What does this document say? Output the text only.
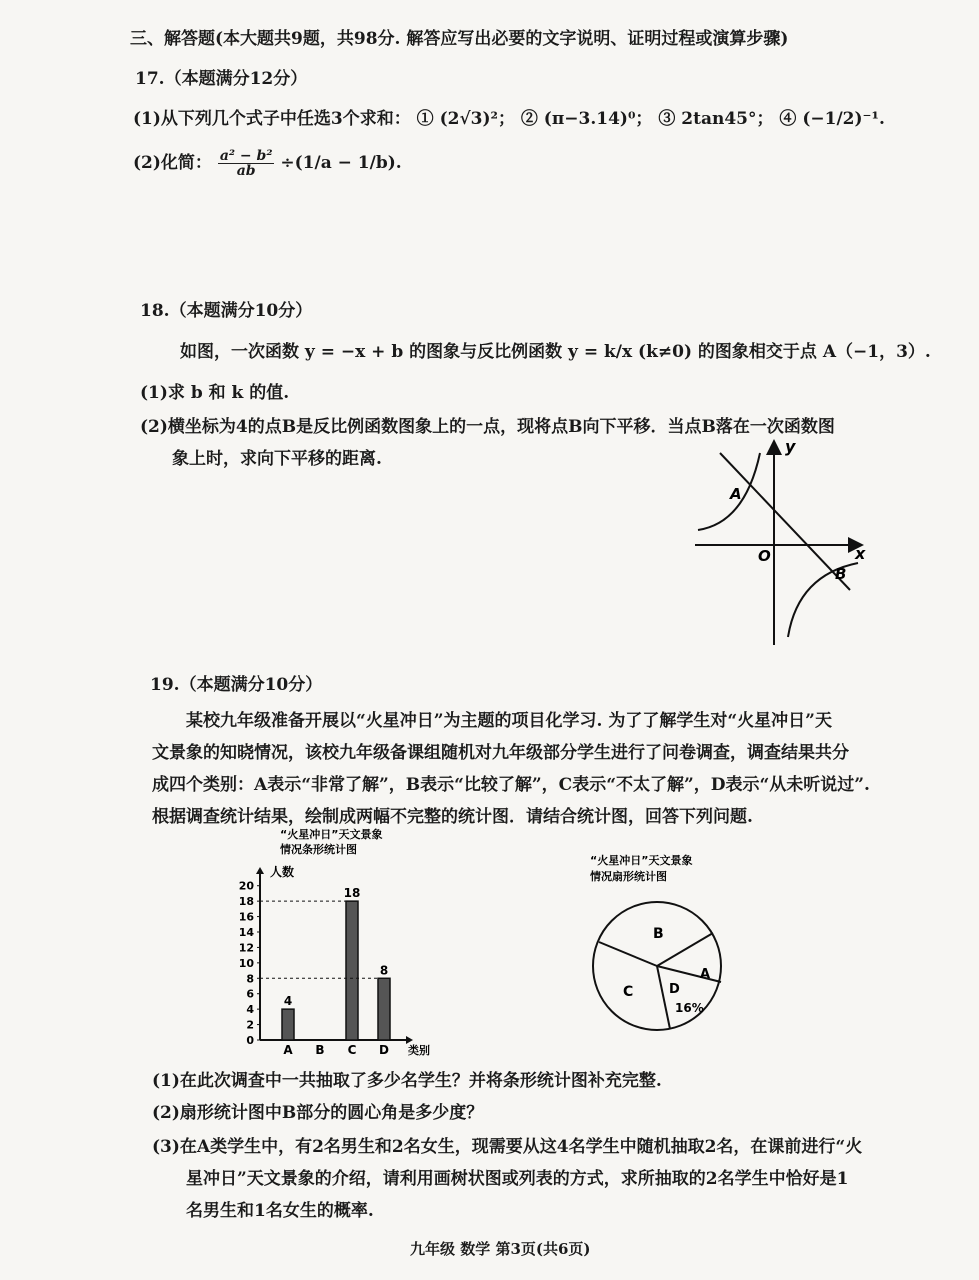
三、解答题(本大题共9题，共98分. 解答应写出必要的文字说明、证明过程或演算步骤)
17.（本题满分12分）
(1)从下列几个式子中任选3个求和： ① (2√3)²； ② (π−3.14)⁰； ③ 2tan45°； ④ (−1/2)⁻¹.
(2)化简： $\frac{\text{a² − b²}}{ab} \div(1/a - 1/b)$.
18.（本题满分10分）
如图，一次函数 y = −x + b 的图象与反比例函数 y = k/x (k≠0) 的图象相交于点 A（−1，3）.
(1)求 b 和 k 的值.
(2)横坐标为4的点B是反比例函数图象上的一点，现将点B向下平移．当点B落在一次函数图
象上时，求向下平移的距离.
y
x
O
A
B
19.（本题满分10分）
某校九年级准备开展以“火星冲日”为主题的项目化学习. 为了了解学生对“火星冲日”天
文景象的知晓情况，该校九年级备课组随机对九年级部分学生进行了问卷调查，调查结果共分
成四个类别：A表示“非常了解”，B表示“比较了解”，C表示“不太了解”，D表示“从未听说过”.
根据调查统计结果，绘制成两幅不完整的统计图．请结合统计图，回答下列问题.
“火星冲日”天文景象
情况条形统计图
人数
类别
0
2
4
6
8
10
12
14
16
18
20
4
A B
18
C
8
D
“火星冲日”天文景象
情况扇形统计图
B
A
C	D
16%
(1)在此次调查中一共抽取了多少名学生？并将条形统计图补充完整.
(2)扇形统计图中B部分的圆心角是多少度？
(3)在A类学生中，有2名男生和2名女生，现需要从这4名学生中随机抽取2名，在课前进行“火
星冲日”天文景象的介绍，请利用画树状图或列表的方式，求所抽取的2名学生中恰好是1
名男生和1名女生的概率.
九年级 数学 第3页(共6页)
